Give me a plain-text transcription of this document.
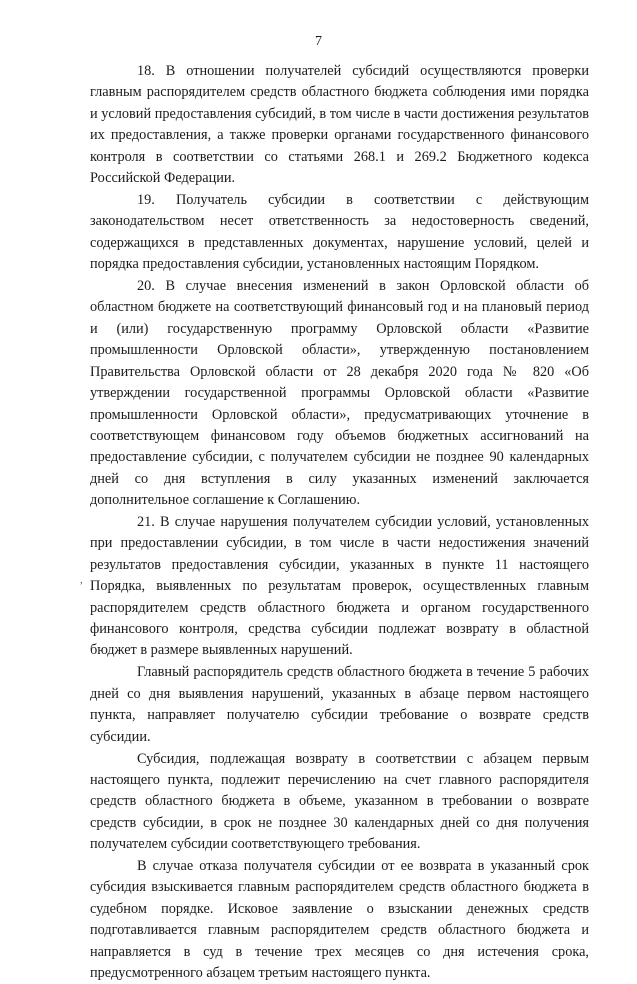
7
,

18. В отношении получателей субсидий осуществляются проверки главным распорядителем средств областного бюджета соблюдения ими порядка и условий предоставления субсидий, в том числе в части достижения результатов их предоставления, а также проверки органами государственного финансового контроля в соответствии со статьями 268.1 и 269.2 Бюджетного кодекса Российской Федерации.

19. Получатель субсидии в соответствии с действующим законодательством несет ответственность за недостоверность сведений, содержащихся в представленных документах, нарушение условий, целей и порядка предоставления субсидии, установленных настоящим Порядком.

20. В случае внесения изменений в закон Орловской области об областном бюджете на соответствующий финансовый год и на плановый период и (или) государственную программу Орловской области «Развитие промышленности Орловской области», утвержденную постановлением Правительства Орловской области от 28 декабря 2020 года № 820 «Об утверждении государственной программы Орловской области «Развитие промышленности Орловской области», предусматривающих уточнение в соответствующем финансовом году объемов бюджетных ассигнований на предоставление субсидии, с получателем субсидии не позднее 90 календарных дней со дня вступления в силу указанных изменений заключается дополнительное соглашение к Соглашению.

21. В случае нарушения получателем субсидии условий, установленных при предоставлении субсидии, в том числе в части недостижения значений результатов предоставления субсидии, указанных в пункте 11 настоящего Порядка, выявленных по результатам проверок, осуществленных главным распорядителем средств областного бюджета и органом государственного финансового контроля, средства субсидии подлежат возврату в областной бюджет в размере выявленных нарушений.

Главный распорядитель средств областного бюджета в течение 5 рабочих дней со дня выявления нарушений, указанных в абзаце первом настоящего пункта, направляет получателю субсидии требование о возврате средств субсидии.

Субсидия, подлежащая возврату в соответствии с абзацем первым настоящего пункта, подлежит перечислению на счет главного распорядителя средств областного бюджета в объеме, указанном в требовании о возврате средств субсидии, в срок не позднее 30 календарных дней со дня получения получателем субсидии соответствующего требования.

В случае отказа получателя субсидии от ее возврата в указанный срок субсидия взыскивается главным распорядителем средств областного бюджета в судебном порядке. Исковое заявление о взыскании денежных средств подготавливается главным распорядителем средств областного бюджета и направляется в суд в течение трех месяцев со дня истечения срока, предусмотренного абзацем третьим настоящего пункта.
